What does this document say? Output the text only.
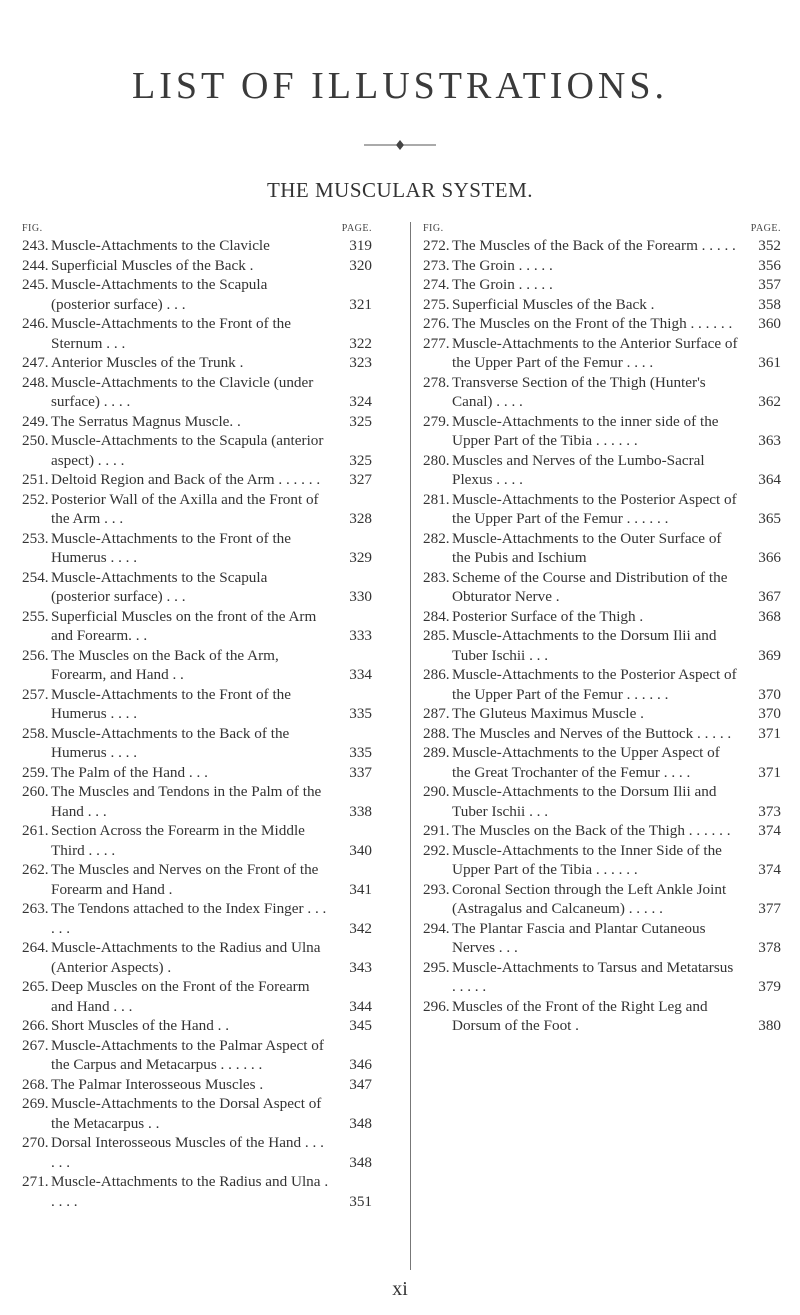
LIST OF ILLUSTRATIONS.
THE MUSCULAR SYSTEM.
FIG.	PAGE.
243. Muscle-Attachments to the Clavicle	319
244. Superficial Muscles of the Back .	320
245. Muscle-Attachments to the Scapula (posterior surface) . . .	321
246. Muscle-Attachments to the Front of the Sternum . . .	322
247. Anterior Muscles of the Trunk .	323
248. Muscle-Attachments to the Clavicle (under surface) . . . .	324
249. The Serratus Magnus Muscle. .	325
250. Muscle-Attachments to the Scapula (anterior aspect) . . . .	325
251. Deltoid Region and Back of the Arm . . . . . . 327
252. Posterior Wall of the Axilla and the Front of the Arm . . .	328
253. Muscle-Attachments to the Front of the Humerus . . . .	329
254. Muscle-Attachments to the Scapula (posterior surface) . . .	330
255. Superficial Muscles on the front of the Arm and Forearm. . .	333
256. The Muscles on the Back of the Arm, Forearm, and Hand . .	334
257. Muscle-Attachments to the Front of the Humerus . . . .	335
258. Muscle-Attachments to the Back of the Humerus . . . .	335
259. The Palm of the Hand . . .	337
260. The Muscles and Tendons in the Palm of the Hand . . .	338
261. Section Across the Forearm in the Middle Third . . . .	340
262. The Muscles and Nerves on the Front of the Forearm and Hand .	341
263. The Tendons attached to the Index Finger . . . . . .	342
264. Muscle-Attachments to the Radius and Ulna (Anterior Aspects) .	343
265. Deep Muscles on the Front of the Forearm and Hand . . .	344
266. Short Muscles of the Hand . .	345
267. Muscle-Attachments to the Palmar Aspect of the Carpus and Metacarpus . . . . . .	346
268. The Palmar Interosseous Muscles .	347
269. Muscle-Attachments to the Dorsal Aspect of the Metacarpus . .	348
270. Dorsal Interosseous Muscles of the Hand . . . . . .	348
271. Muscle-Attachments to the Radius and Ulna . . . . .	351
FIG.	PAGE.
272. The Muscles of the Back of the Forearm . . . . . 352
273. The Groin . . . . .	356
274. The Groin . . . . .	357
275. Superficial Muscles of the Back .	358
276. The Muscles on the Front of the Thigh . . . . . . 360
277. Muscle-Attachments to the Anterior Surface of the Upper Part of the Femur . . . .	361
278. Transverse Section of the Thigh (Hunter's Canal) . . . .	362
279. Muscle-Attachments to the inner side of the Upper Part of the Tibia . . . . . .	363
280. Muscles and Nerves of the Lumbo-Sacral Plexus . . . .	364
281. Muscle-Attachments to the Posterior Aspect of the Upper Part of the Femur . . . . . .	365
282. Muscle-Attachments to the Outer Surface of the Pubis and Ischium	366
283. Scheme of the Course and Distribution of the Obturator Nerve .	367
284. Posterior Surface of the Thigh .	368
285. Muscle-Attachments to the Dorsum Ilii and Tuber Ischii . . .	369
286. Muscle-Attachments to the Posterior Aspect of the Upper Part of the Femur . . . . . .	370
287. The Gluteus Maximus Muscle .	370
288. The Muscles and Nerves of the Buttock . . . . . 371
289. Muscle-Attachments to the Upper Aspect of the Great Trochanter of the Femur . . . .	371
290. Muscle-Attachments to the Dorsum Ilii and Tuber Ischii . . .	373
291. The Muscles on the Back of the Thigh . . . . . . 374
292. Muscle-Attachments to the Inner Side of the Upper Part of the Tibia . . . . . .	374
293. Coronal Section through the Left Ankle Joint (Astragalus and Calcaneum) . . . . .	377
294. The Plantar Fascia and Plantar Cutaneous Nerves . . .	378
295. Muscle-Attachments to Tarsus and Metatarsus . . . . .	379
296. Muscles of the Front of the Right Leg and Dorsum of the Foot .	380
xi
